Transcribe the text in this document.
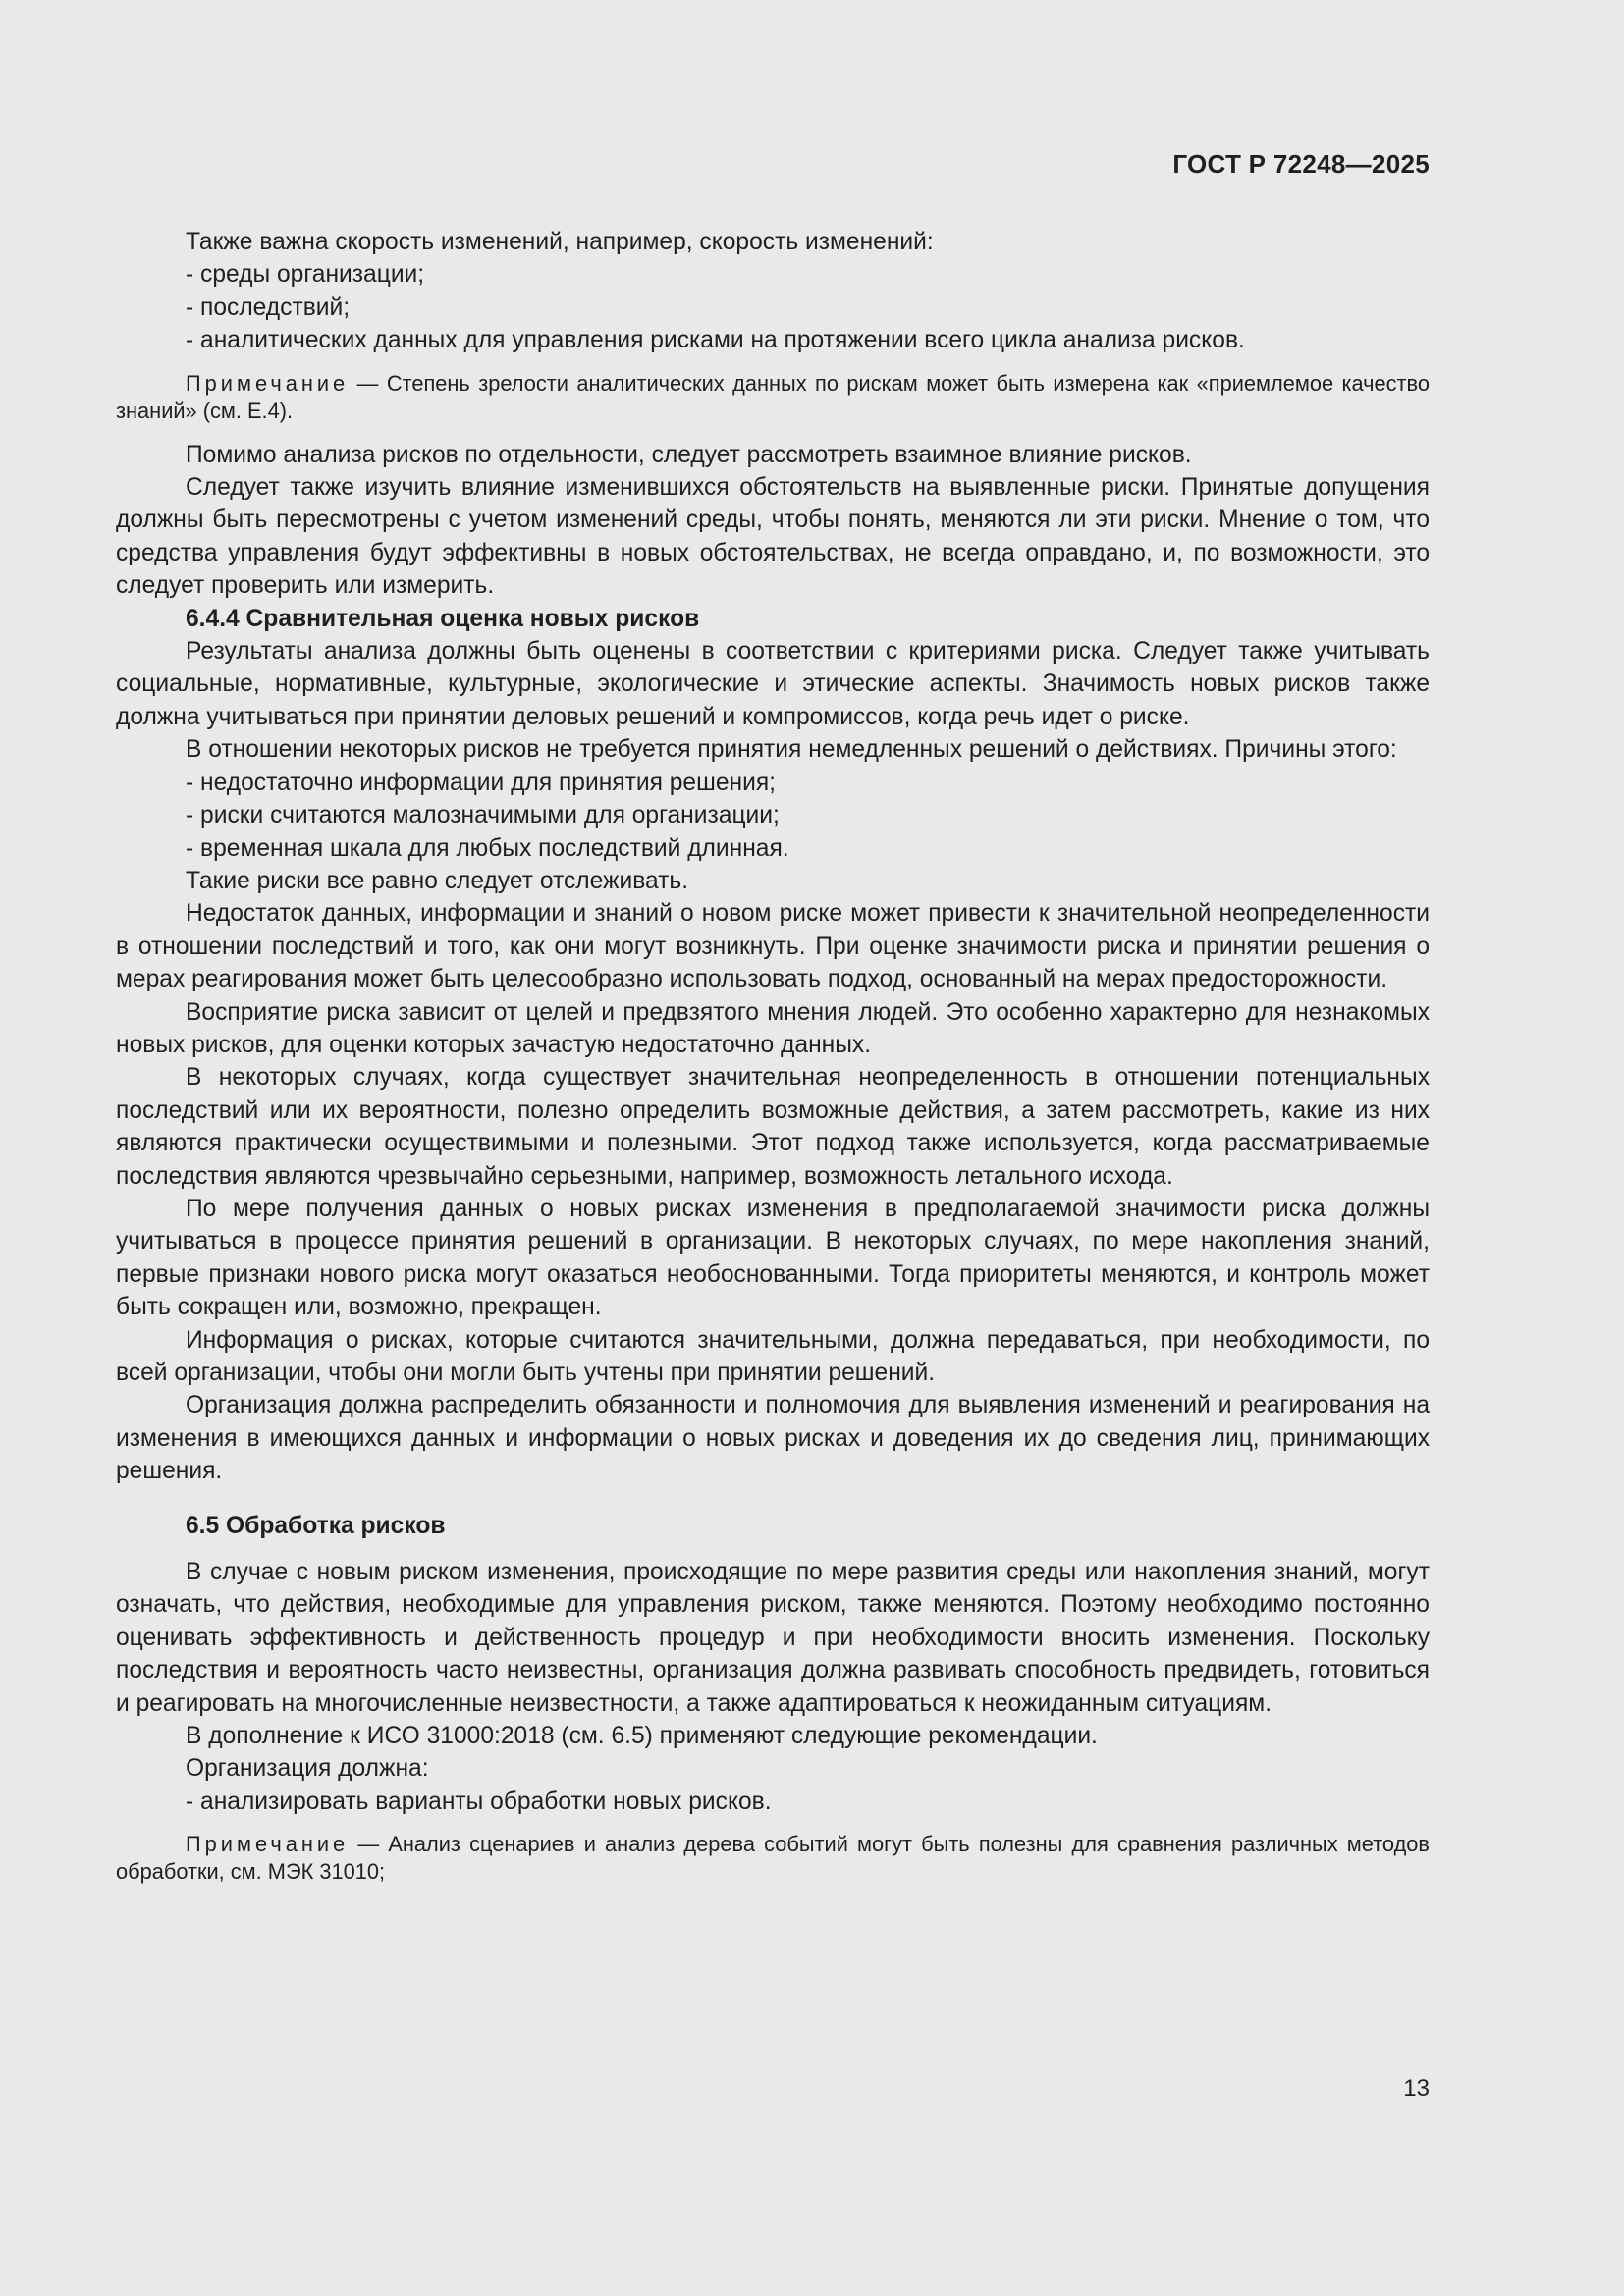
ГОСТ Р 72248—2025

Также важна скорость изменений, например, скорость изменений:

- среды организации;

- последствий;

- аналитических данных для управления рисками на протяжении всего цикла анализа рисков.

Примечание — Степень зрелости аналитических данных по рискам может быть измерена как «приемлемое качество знаний» (см. Е.4).

Помимо анализа рисков по отдельности, следует рассмотреть взаимное влияние рисков.

Следует также изучить влияние изменившихся обстоятельств на выявленные риски. Принятые допущения должны быть пересмотрены с учетом изменений среды, чтобы понять, меняются ли эти риски. Мнение о том, что средства управления будут эффективны в новых обстоятельствах, не всегда оправдано, и, по возможности, это следует проверить или измерить.

6.4.4 Сравнительная оценка новых рисков

Результаты анализа должны быть оценены в соответствии с критериями риска. Следует также учитывать социальные, нормативные, культурные, экологические и этические аспекты. Значимость новых рисков также должна учитываться при принятии деловых решений и компромиссов, когда речь идет о риске.

В отношении некоторых рисков не требуется принятия немедленных решений о действиях. Причины этого:

- недостаточно информации для принятия решения;

- риски считаются малозначимыми для организации;

- временная шкала для любых последствий длинная.

Такие риски все равно следует отслеживать.

Недостаток данных, информации и знаний о новом риске может привести к значительной неопределенности в отношении последствий и того, как они могут возникнуть. При оценке значимости риска и принятии решения о мерах реагирования может быть целесообразно использовать подход, основанный на мерах предосторожности.

Восприятие риска зависит от целей и предвзятого мнения людей. Это особенно характерно для незнакомых новых рисков, для оценки которых зачастую недостаточно данных.

В некоторых случаях, когда существует значительная неопределенность в отношении потенциальных последствий или их вероятности, полезно определить возможные действия, а затем рассмотреть, какие из них являются практически осуществимыми и полезными. Этот подход также используется, когда рассматриваемые последствия являются чрезвычайно серьезными, например, возможность летального исхода.

По мере получения данных о новых рисках изменения в предполагаемой значимости риска должны учитываться в процессе принятия решений в организации. В некоторых случаях, по мере накопления знаний, первые признаки нового риска могут оказаться необоснованными. Тогда приоритеты меняются, и контроль может быть сокращен или, возможно, прекращен.

Информация о рисках, которые считаются значительными, должна передаваться, при необходимости, по всей организации, чтобы они могли быть учтены при принятии решений.

Организация должна распределить обязанности и полномочия для выявления изменений и реагирования на изменения в имеющихся данных и информации о новых рисках и доведения их до сведения лиц, принимающих решения.

6.5 Обработка рисков

В случае с новым риском изменения, происходящие по мере развития среды или накопления знаний, могут означать, что действия, необходимые для управления риском, также меняются. Поэтому необходимо постоянно оценивать эффективность и действенность процедур и при необходимости вносить изменения. Поскольку последствия и вероятность часто неизвестны, организация должна развивать способность предвидеть, готовиться и реагировать на многочисленные неизвестности, а также адаптироваться к неожиданным ситуациям.

В дополнение к ИСО 31000:2018 (см. 6.5) применяют следующие рекомендации.

Организация должна:

- анализировать варианты обработки новых рисков.

Примечание — Анализ сценариев и анализ дерева событий могут быть полезны для сравнения различных методов обработки, см. МЭК 31010;

13
